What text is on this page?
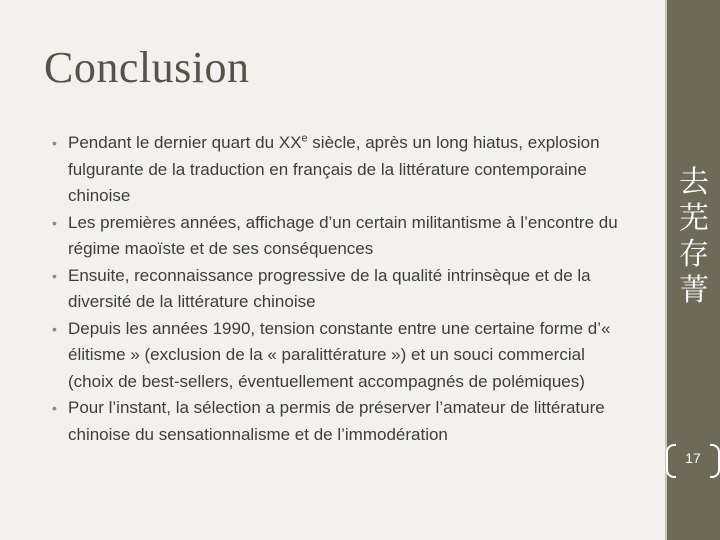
Conclusion
• Pendant le dernier quart du XXe siècle, après un long hiatus, explosion fulgurante de la traduction en français de la littérature contemporaine chinoise
• Les premières années, affichage d’un certain militantisme à l’encontre du régime maoïste et de ses conséquences
• Ensuite, reconnaissance progressive de la qualité intrinsèque et de la diversité de la littérature chinoise
• Depuis les années 1990, tension constante entre une certaine forme d’« élitisme » (exclusion de la « paralittérature ») et un souci commercial (choix de best-sellers, éventuellement accompagnés de polémiques)
• Pour l’instant, la sélection a permis de préserver l’amateur de littérature chinoise du sensationnalisme et de l’immodération
去
芜
存
菁
17
